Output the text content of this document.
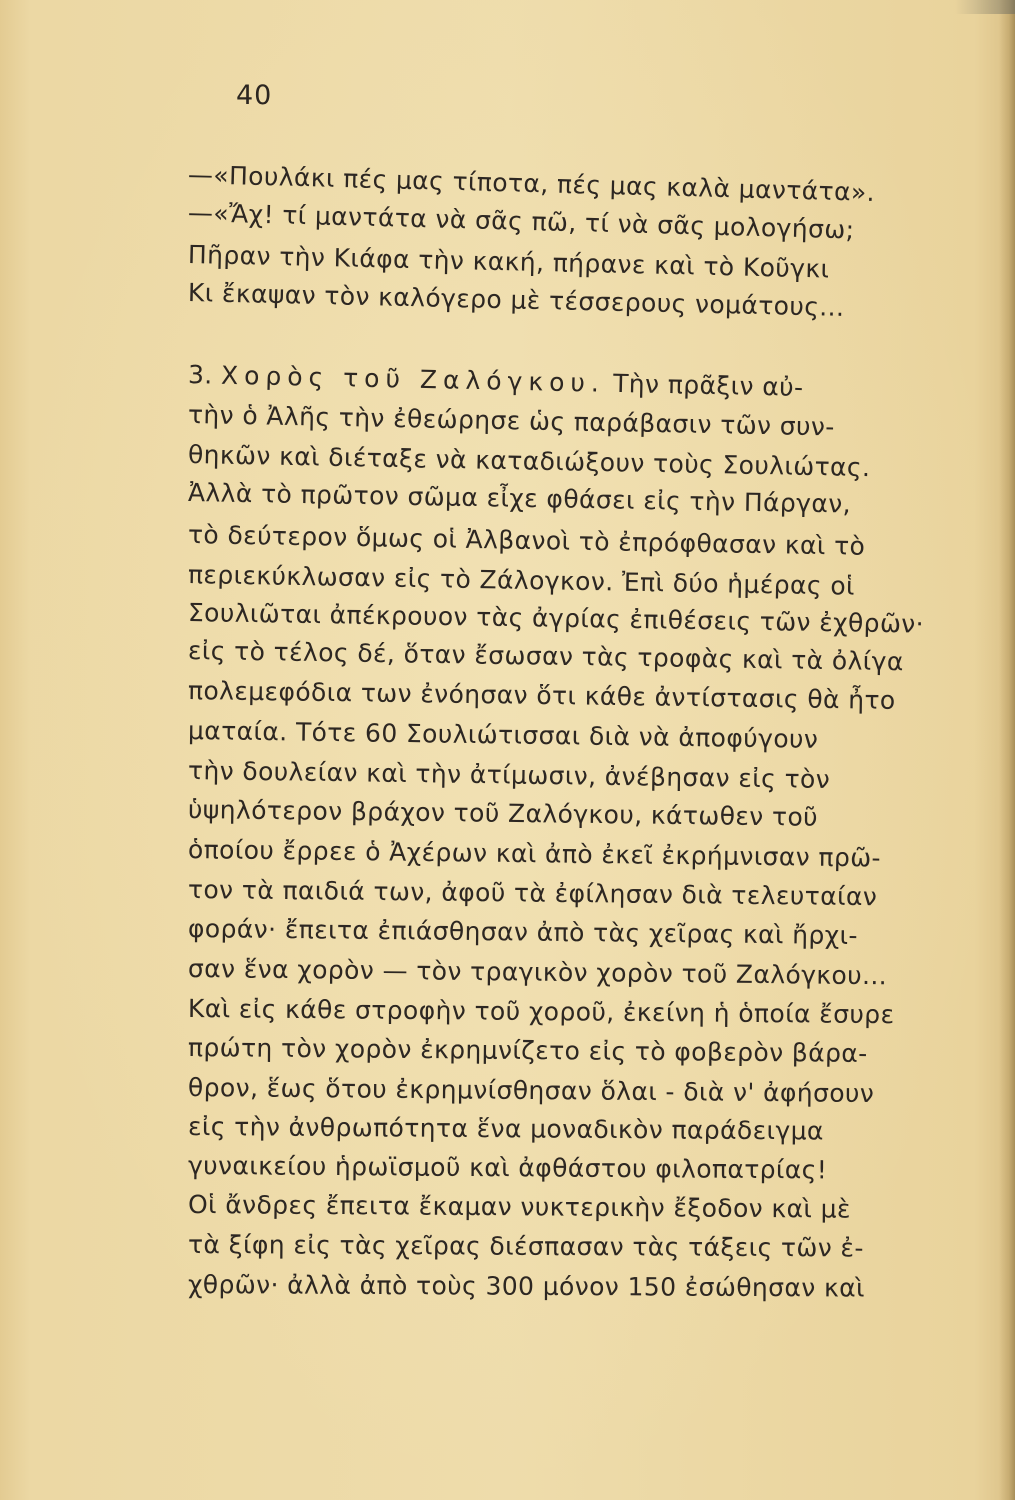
40
—«Πουλάκι πές μας τίποτα, πές μας καλὰ μαντάτα».
—«Ἄχ! τί μαντάτα νὰ σᾶς πῶ, τί νὰ σᾶς μολογήσω;
Πῆραν τὴν Κιάφα τὴν κακή, πήρανε καὶ τὸ Κοῦγκι
Κι ἔκαψαν τὸν καλόγερο μὲ τέσσερους νομάτους...
3. Χορὸς τοῦ Ζαλόγκου. Τὴν πρᾶξιν αὐ-
τὴν ὁ Ἀλῆς τὴν ἐθεώρησε ὡς παράβασιν τῶν συν-
θηκῶν καὶ διέταξε νὰ καταδιώξουν τοὺς Σουλιώτας.
Ἀλλὰ τὸ πρῶτον σῶμα εἶχε φθάσει εἰς τὴν Πάργαν,
τὸ δεύτερον ὅμως οἱ Ἀλβανοὶ τὸ ἐπρόφθασαν καὶ τὸ
περιεκύκλωσαν εἰς τὸ Ζάλογκον. Ἐπὶ δύο ἡμέρας οἱ
Σουλιῶται ἀπέκρουον τὰς ἀγρίας ἐπιθέσεις τῶν ἐχθρῶν·
εἰς τὸ τέλος δέ, ὅταν ἔσωσαν τὰς τροφὰς καὶ τὰ ὀλίγα
πολεμεφόδια των ἐνόησαν ὅτι κάθε ἀντίστασις θὰ ἦτο
ματαία. Τότε 60 Σουλιώτισσαι διὰ νὰ ἀποφύγουν
τὴν δουλείαν καὶ τὴν ἀτίμωσιν, ἀνέβησαν εἰς τὸν
ὑψηλότερον βράχον τοῦ Ζαλόγκου, κάτωθεν τοῦ
ὁποίου ἔρρεε ὁ Ἀχέρων καὶ ἀπὸ ἐκεῖ ἐκρήμνισαν πρῶ-
τον τὰ παιδιά των, ἀφοῦ τὰ ἐφίλησαν διὰ τελευταίαν
φοράν· ἔπειτα ἐπιάσθησαν ἀπὸ τὰς χεῖρας καὶ ἤρχι-
σαν ἕνα χορὸν — τὸν τραγικὸν χορὸν τοῦ Ζαλόγκου...
Καὶ εἰς κάθε στροφὴν τοῦ χοροῦ, ἐκείνη ἡ ὁποία ἔσυρε
πρώτη τὸν χορὸν ἐκρημνίζετο εἰς τὸ φοβερὸν βάρα-
θρον, ἕως ὅτου ἐκρημνίσθησαν ὅλαι - διὰ ν' ἀφήσουν
εἰς τὴν ἀνθρωπότητα ἕνα μοναδικὸν παράδειγμα
γυναικείου ἡρωϊσμοῦ καὶ ἀφθάστου φιλοπατρίας!
Οἱ ἄνδρες ἔπειτα ἔκαμαν νυκτερικὴν ἔξοδον καὶ μὲ
τὰ ξίφη εἰς τὰς χεῖρας διέσπασαν τὰς τάξεις τῶν ἐ-
χθρῶν· ἀλλὰ ἀπὸ τοὺς 300 μόνον 150 ἐσώθησαν καὶ
